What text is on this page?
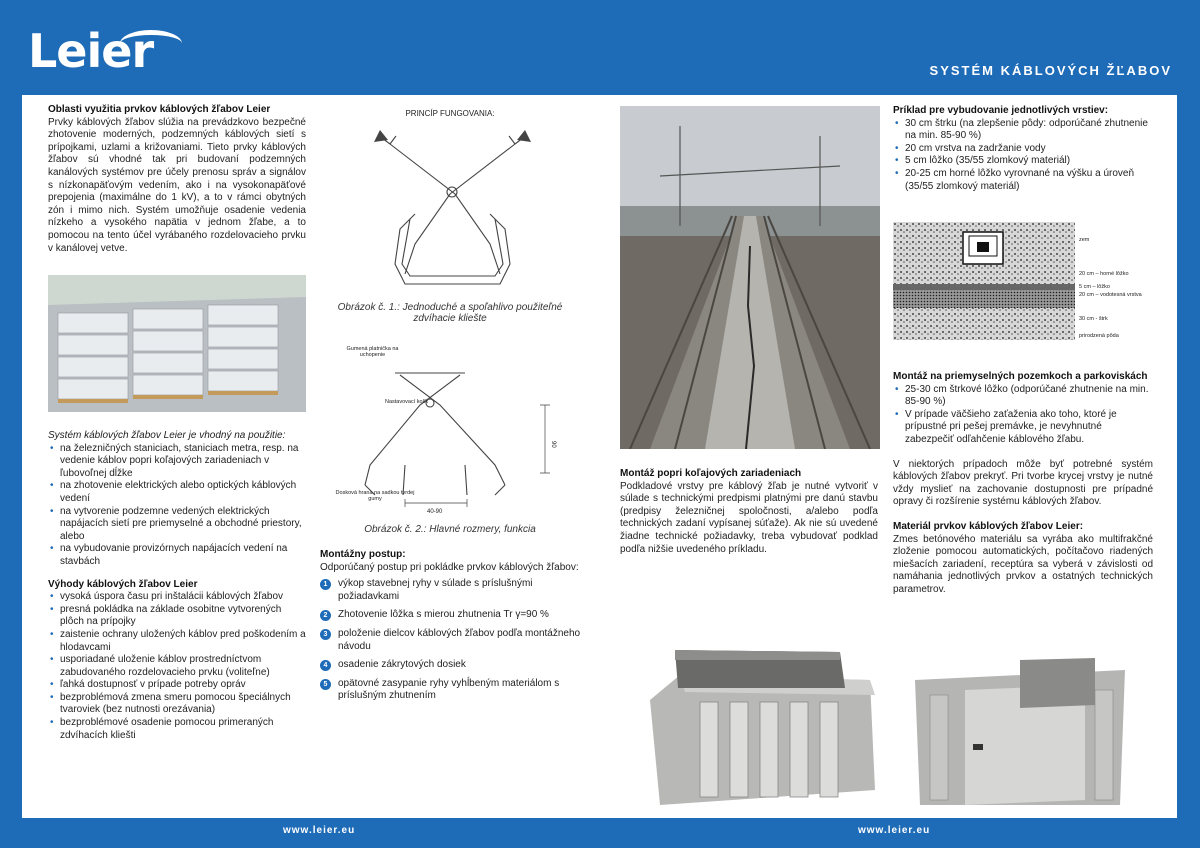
Leier	SYSTÉM KÁBLOVÝCH ŽĽABOV
Oblasti využitia prvkov káblových žľabov Leier

Prvky káblových žľabov slúžia na prevádzkovo bezpečné zhotovenie moderných, podzemných káblových sietí s prípojkami, uzlami a križovaniami. Tieto prvky káblových žľabov sú vhodné tak pri budovaní podzemných kanálových systémov pre účely prenosu správ a signálov s nízkonapäťovým vedením, ako i na vysokonapäťové prepojenia (maximálne do 1 kV), a to v rámci obytných zón i mimo nich. Systém umožňuje osadenie vedenia nízkeho a vysokého napätia v jednom žľabe, a to pomocou na tento účel vyrábaného rozdelovacieho prvku v kanálovej vetve.

Systém káblových žľabov Leier je vhodný na použitie:

• na železničných staniciach, staniciach metra, resp. na vedenie káblov popri koľajových zariadeniach v ľubovoľnej dĺžke
• na zhotovenie elektrických alebo optických káblových vedení
• na vytvorenie podzemne vedených elektrických napájacích sietí pre priemyselné a obchodné priestory, alebo
• na vybudovanie provizórnych napájacích vedení na stavbách
Výhody káblových žľabov Leier
• vysoká úspora času pri inštalácii káblových žľabov
• presná pokládka na základe osobitne vytvorených plôch na prípojky
• zaistenie ochrany uložených káblov pred poškodením a hlodavcami
• usporiadané uloženie káblov prostredníctvom zabudovaného rozdelovacieho prvku (voliteľne)
• ľahká dostupnosť v prípade potreby opráv
• bezproblémová zmena smeru pomocou špeciálnych tvaroviek (bez nutnosti orezávania)
• bezproblémové osadenie pomocou primeraných zdvíhacích kliešti
PRINCÍP FUNGOVANIA:
Obrázok č. 1.: Jednoduché a spoľahlivo použiteľné zdvíhacie kliešte
90
40-90
Gumená platnička na uchopenie
Nastavovací kolík
Dosková hrana na sadkou tvrdej gumy
Obrázok č. 2.: Hlavné rozmery, funkcia
Montážny postup:

Odporúčaný postup pri pokládke prvkov káblových žľabov:

1	výkop stavebnej ryhy v súlade s príslušnými požiadavkami
2	Zhotovenie lôžka s mierou zhutnenia Tr γ=90 %
3	položenie dielcov káblových žľabov podľa montážneho návodu
4	osadenie zákrytových dosiek
5	opätovné zasypanie ryhy vyhĺbeným materiálom s príslušným zhutnením
Montáž popri koľajových zariadeniach

Podkladové vrstvy pre káblový žľab je nutné vytvoriť v súlade s technickými predpismi platnými pre danú stavbu (predpisy železničnej spoločnosti, a/alebo podľa technických zadaní vypísanej súťaže). Ak nie sú uvedené žiadne technické požiadavky, treba vybudovať podklad podľa nižšie uvedeného príkladu.

Príklad pre vybudovanie jednotlivých vrstiev:
• 30 cm štrku (na zlepšenie pôdy: odporúčané zhutnenie na min. 85-90 %)
• 20 cm vrstva na zadržanie vody
• 5 cm lôžko (35/55 zlomkový materiál)
• 20-25 cm horné lôžko vyrovnané na výšku a úroveň (35/55 zlomkový materiál)
zem
20 cm – horné lôžko
5 cm – lôžko
20 cm – vodotesná vrstva
30 cm - štrk
prirodzená pôda
Montáž na priemyselných pozemkoch a parkoviskách
• 25-30 cm štrkové lôžko (odporúčané zhutnenie na min. 85-90 %)
• V prípade väčšieho zaťaženia ako toho, ktoré je prípustné pri pešej premávke, je nevyhnutné zabezpečiť odľahčenie káblového žľabu.

V niektorých prípadoch môže byť potrebné systém káblových žľabov prekryť. Pri tvorbe krycej vrstvy je nutné vždy myslieť na zachovanie dostupnosti pre prípadné opravy či rozšírenie systému káblových žľabov.

Materiál prvkov káblových žľabov Leier:

Zmes betónového materiálu sa vyrába ako multifrakčné zloženie pomocou automatických, počítačovo riadených miešacích zariadení, receptúra sa vyberá v závislosti od namáhania jednotlivých prvkov a ostatných technických parametrov.

www.leier.eu	www.leier.eu
